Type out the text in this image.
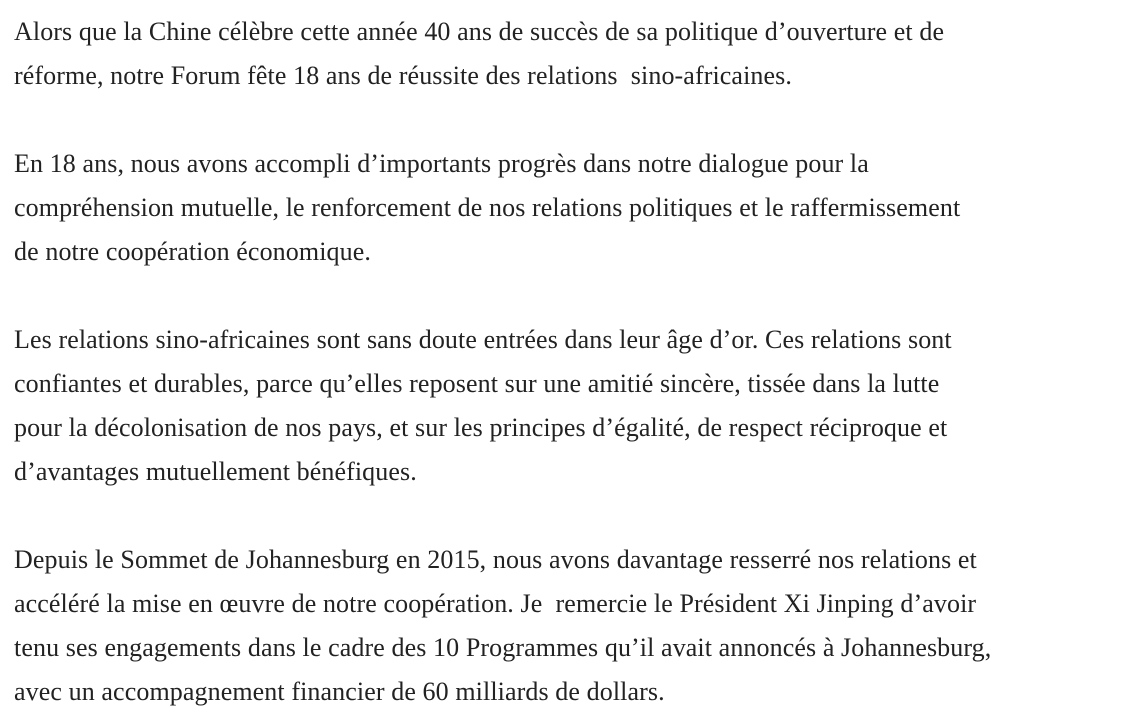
Alors que la Chine célèbre cette année 40 ans de succès de sa politique d’ouverture et de
réforme, notre Forum fête 18 ans de réussite des relations  sino-africaines.

En 18 ans, nous avons accompli d’importants progrès dans notre dialogue pour la
compréhension mutuelle, le renforcement de nos relations politiques et le raffermissement
de notre coopération économique.

Les relations sino-africaines sont sans doute entrées dans leur âge d’or. Ces relations sont
confiantes et durables, parce qu’elles reposent sur une amitié sincère, tissée dans la lutte
pour la décolonisation de nos pays, et sur les principes d’égalité, de respect réciproque et
d’avantages mutuellement bénéfiques.

Depuis le Sommet de Johannesburg en 2015, nous avons davantage resserré nos relations et
accéléré la mise en œuvre de notre coopération. Je  remercie le Président Xi Jinping d’avoir
tenu ses engagements dans le cadre des 10 Programmes qu’il avait annoncés à Johannesburg,
avec un accompagnement financier de 60 milliards de dollars.
